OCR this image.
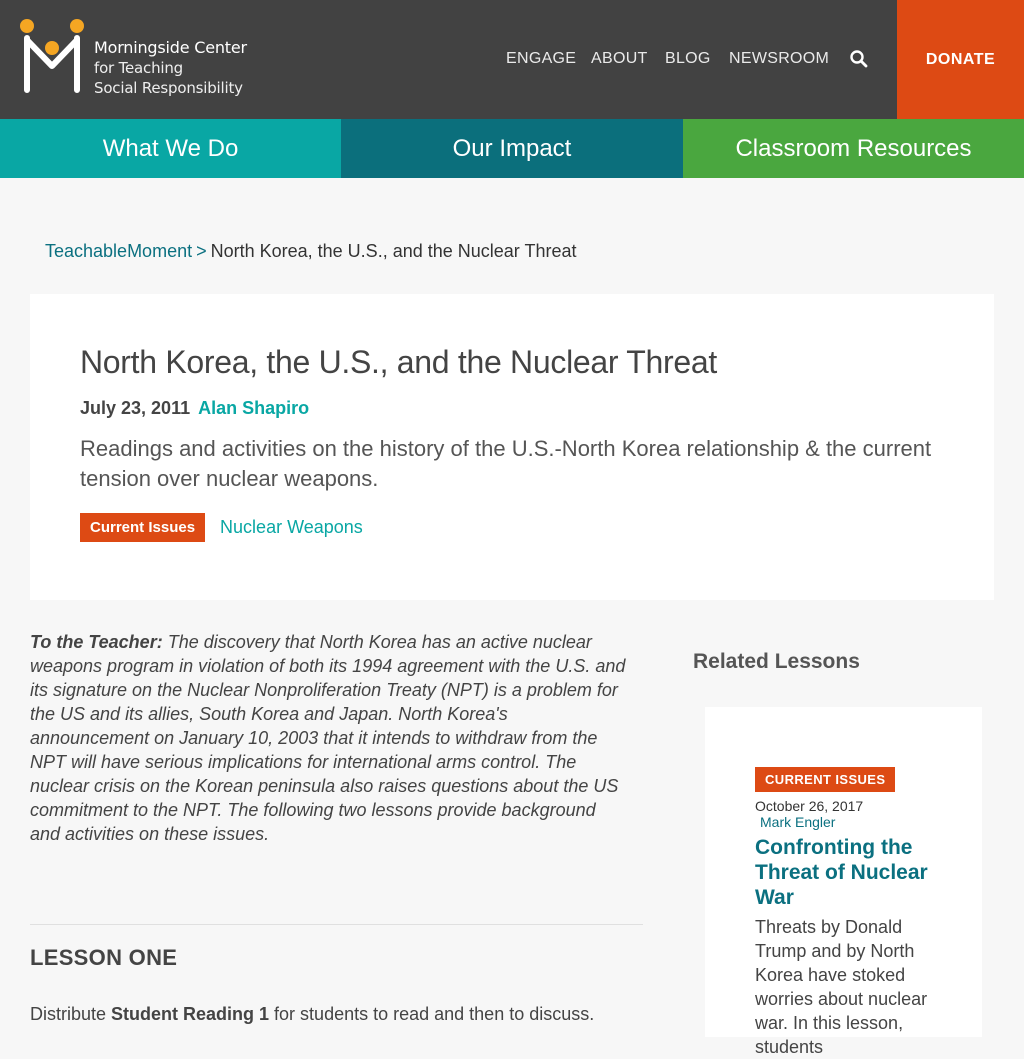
Morningside Center
for Teaching
Social Responsibility
ENGAGE ABOUT BLOG NEWSROOM	DONATE
What We Do	Our Impact	Classroom Resources
TeachableMoment > North Korea, the U.S., and the Nuclear Threat
North Korea, the U.S., and the Nuclear Threat
July 23, 2011 Alan Shapiro

Readings and activities on the history of the U.S.-North Korea relationship & the current tension over nuclear weapons.

Current Issues	Nuclear Weapons

To the Teacher: The discovery that North Korea has an active nuclear weapons program in violation of both its 1994 agreement with the U.S. and its signature on the Nuclear Nonproliferation Treaty (NPT) is a problem for the US and its allies, South Korea and Japan. North Korea's announcement on January 10, 2003 that it intends to withdraw from the NPT will have serious implications for international arms control. The nuclear crisis on the Korean peninsula also raises questions about the US commitment to the NPT. The following two lessons provide background and activities on these issues.

LESSON ONE

Distribute Student Reading 1 for students to read and then to discuss.

Related Lessons
CURRENT ISSUES
October 26, 2017
Mark Engler
Confronting the Threat of Nuclear War

Threats by Donald Trump and by North Korea have stoked worries about nuclear war. In this lesson, students
